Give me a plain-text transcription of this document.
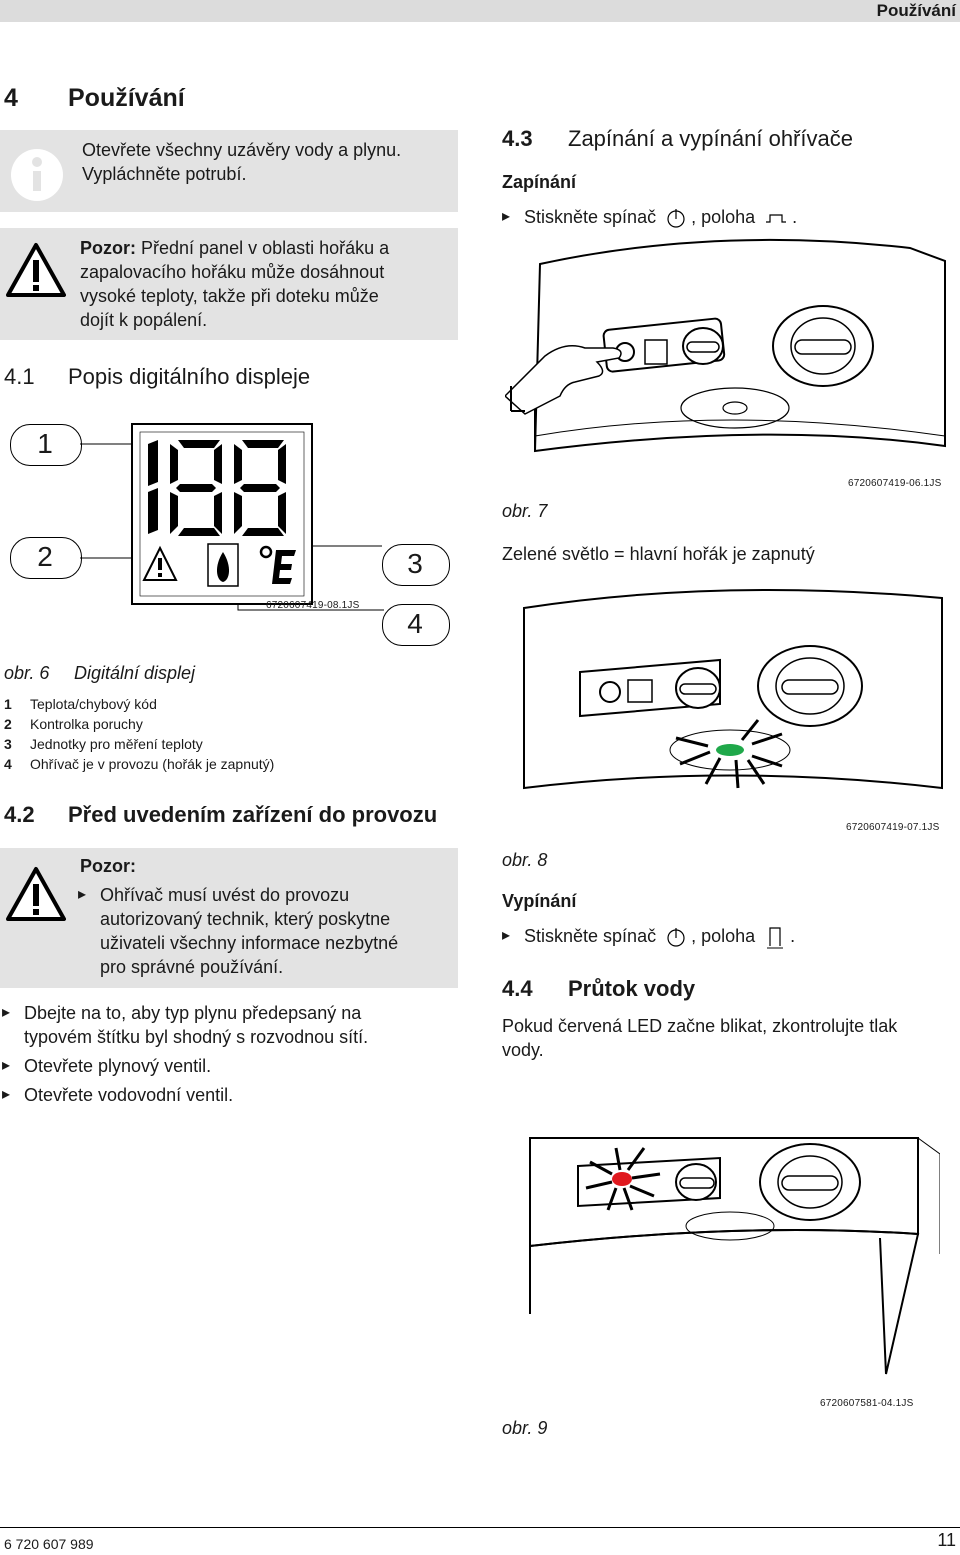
Používání
4 Používání
Otevřete všechny uzávěry vody a plynu.
Vypláchněte potrubí.
Pozor: Přední panel v oblasti hořáku a
zapalovacího hořáku může dosáhnout
vysoké teploty, takže při doteku může
dojít k popálení.
4.1 Popis digitálního displeje
1
2	3
4
6720607419-08.1JS
obr. 6 Digitální displej
1 Teplota/chybový kód
2 Kontrolka poruchy
3 Jednotky pro měření teploty
4 Ohřívač je v provozu (hořák je zapnutý)
4.2 Před uvedením zařízení do provozu
Pozor:
▸ Ohřívač musí uvést do provozu
autorizovaný technik, který poskytne
uživateli všechny informace nezbytné
pro správné používání.
▸ Dbejte na to, aby typ plynu předepsaný na
typovém štítku byl shodný s rozvodnou sítí.
▸ Otevřete plynový ventil.
▸ Otevřete vodovodní ventil.
4.3 Zapínání a vypínání ohřívače
Zapínání
▸ Stiskněte spínač , poloha .
6720607419-06.1JS
obr. 7
Zelené světlo = hlavní hořák je zapnutý
6720607419-07.1JS
obr. 8
Vypínání
▸ Stiskněte spínač , poloha .
4.4 Průtok vody
Pokud červená LED začne blikat, zkontrolujte tlak
vody.
6720607581-04.1JS
obr. 9
6 720 607 989	11
